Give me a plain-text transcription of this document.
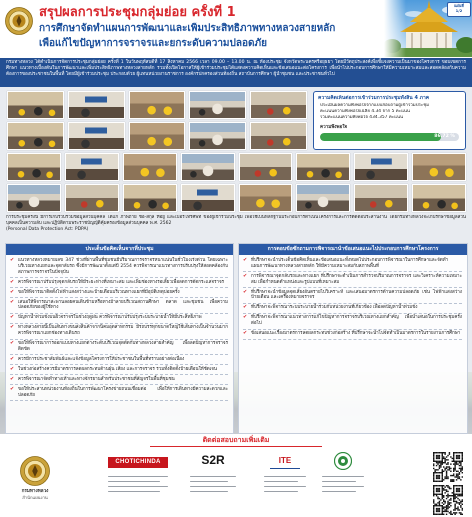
สรุปผลการประชุมกลุ่มย่อย ครั้งที่ 1
การศึกษาจัดทำแผนการพัฒนาและเพิ่มประสิทธิภาพทางหลวงสายหลัก
เพื่อแก้ไขปัญหาการจราจรและยกระดับความปลอดภัย
แผ่นที่
1/2
กรมทางหลวง ได้ดำเนินการจัดการประชุมกลุ่มย่อย ครั้งที่ 1 ในวันพฤหัสบดีที่ 17 สิงหาคม 2566 เวลา 09.00 – 13.00 น. ณ ห้องประชุม จังหวัดพระนครศรีอยุธยา โดยมีวัตถุประสงค์เพื่อชี้แจงความเป็นมาของโครงการ ขอบเขตการศึกษา แนวทางเบื้องต้นในการพัฒนาและเพิ่มประสิทธิภาพทางหลวงสายหลัก รวมทั้งเปิดโอกาสให้ผู้เข้าร่วมประชุมได้แสดงความคิดเห็นและข้อเสนอแนะต่อโครงการ เพื่อนำไปประกอบการศึกษาให้มีความเหมาะสมและสอดคล้องกับความต้องการของประชาชนในพื้นที่ โดยมีผู้เข้าร่วมประชุม ประกอบด้วย ผู้แทนหน่วยงานราชการ องค์กรปกครองส่วนท้องถิ่น สถาบันการศึกษา ผู้นำชุมชน และประชาชนทั่วไป
ความคิดเห็นต่อการเข้าร่วมการประชุมทั้งสิ้น 4 ภาค
ประเมินผลความพึงพอใจจากแบบสอบถามผู้เข้าร่วมประชุม
คะแนนความพึงพอใจเฉลี่ย 4.34 จาก 5 คะแนน
รวมคะแนนความพึงพอใจ 434.357 คะแนน
ความพึงพอใจ
86.72 %
การประชุมครั้งนี้ มีการเก็บรวบรวมข้อมูลส่วนบุคคล ได้แก่ ภาพถ่าย ชื่อ-สกุล ที่อยู่ และเบอร์โทรศัพท์ ของผู้เข้าร่วมประชุม เพื่อใช้เป็นหลักฐานประกอบการดำเนินโครงการและการติดต่อประสานงาน โดยกรมทางหลวงจะเก็บรักษาข้อมูลส่วนบุคคลเป็นความลับ และปฏิบัติตามพระราชบัญญัติคุ้มครองข้อมูลส่วนบุคคล พ.ศ. 2562
(Personal Data Protection Act: PDPA)
ประเด็นข้อคิดเห็นจากที่ประชุม
✔ แนวทางหลวงหมายเลข 347 ช่วงที่ผ่านพื้นที่ชุมชนมีปริมาณการจราจรหนาแน่นในชั่วโมงเร่งด่วน โดยเฉพาะบริเวณทางแยกและจุดกลับรถ ซึ่งมีการพัฒนาตั้งแต่ปี 2554 ควรพิจารณาแนวทางการปรับปรุงให้สอดคล้องกับสภาพการจราจรในปัจจุบัน
✔ ควรพิจารณาปรับปรุงจุดกลับรถให้มีระยะห่างที่เหมาะสม และเพิ่มช่องทางรอเลี้ยวเพื่อลดการตัดกระแสจราจร
✔ ขอให้พิจารณาติดตั้งไฟฟ้าแสงสว่างและป้ายเตือนบริเวณทางแยกที่มีอุบัติเหตุบ่อยครั้ง
✔ เสนอให้พิจารณาสะพานลอยคนเดินข้ามหรือทางม้าลายบริเวณสถานศึกษา ตลาด และชุมชน เพื่อความปลอดภัยของผู้ใช้ทาง
✔ ปัญหาน้ำท่วมขังบนผิวจราจรในช่วงฤดูฝน ควรพิจารณาปรับปรุงระบบระบายน้ำให้มีประสิทธิภาพ
✔ ทางหลวงสายนี้เป็นเส้นทางขนส่งสินค้าจากนิคมอุตสาหกรรม มีรถบรรทุกขนาดใหญ่ใช้เส้นทางเป็นจำนวนมาก ควรพิจารณาแยกช่องทางเดินรถ
✔ ขอให้พิจารณาการออกแบบทางแยกต่างระดับบริเวณจุดตัดกับทางหลวงสายสำคัญ เพื่อลดปัญหาการจราจรติดขัด
✔ ควรมีการประชาสัมพันธ์และแจ้งข้อมูลโครงการให้ประชาชนในพื้นที่ทราบอย่างต่อเนื่อง
✔ ในช่วงก่อสร้างควรมีมาตรการลดผลกระทบด้านฝุ่น เสียง และการจราจร รวมทั้งติดตั้งป้ายเตือนให้ชัดเจน
✔ ควรพิจารณาจัดทำทางเท้าและทางจักรยานสำหรับประชาชนที่สัญจรในพื้นที่ชุมชน
✔ ขอให้ประสานหน่วยงานท้องถิ่นในการพัฒนาโครงข่ายถนนเชื่อมต่อ เพื่อให้การเดินทางมีความสะดวกและปลอดภัย
การตอบข้อซักถามการพิจารณานำข้อเสนอแนะไปประกอบการศึกษาโครงการ
✔ ที่ปรึกษาจะนำประเด็นข้อคิดเห็นและข้อเสนอแนะทั้งหมดไปประกอบการพิจารณาในการศึกษาและจัดทำแผนการพัฒนาทางหลวงสายหลัก ให้มีความเหมาะสมกับสภาพพื้นที่
✔ การพิจารณาจุดกลับรถและทางแยก ที่ปรึกษาจะดำเนินการสำรวจปริมาณการจราจร และวิเคราะห์ความเหมาะสม เพื่อกำหนดตำแหน่งและรูปแบบที่เหมาะสม
✔ ที่ปรึกษาจะนำข้อมูลจุดเสี่ยงอันตรายไปวิเคราะห์ และเสนอมาตรการด้านความปลอดภัย เช่น ไฟฟ้าแสงสว่าง ป้ายเตือน และเครื่องหมายจราจร
✔ ที่ปรึกษาจะพิจารณาระบบระบายน้ำร่วมกับหน่วยงานที่เกี่ยวข้อง เพื่อลดปัญหาน้ำท่วมขัง
✔ ที่ปรึกษาจะพิจารณาแนวทางการแก้ไขปัญหาการจราจรบริเวณทางแยกสำคัญ เพื่อนำเสนอในการประชุมครั้งต่อไป
✔ ข้อเสนอแนะเรื่องมาตรการลดผลกระทบช่วงก่อสร้าง ที่ปรึกษาจะนำไปจัดทำเป็นมาตรการในรายงานการศึกษา
ติดต่อสอบถามเพิ่มเติม
กรมทางหลวง
สำนักแผนงาน
CHOTICHINDA	S2R	ITE
